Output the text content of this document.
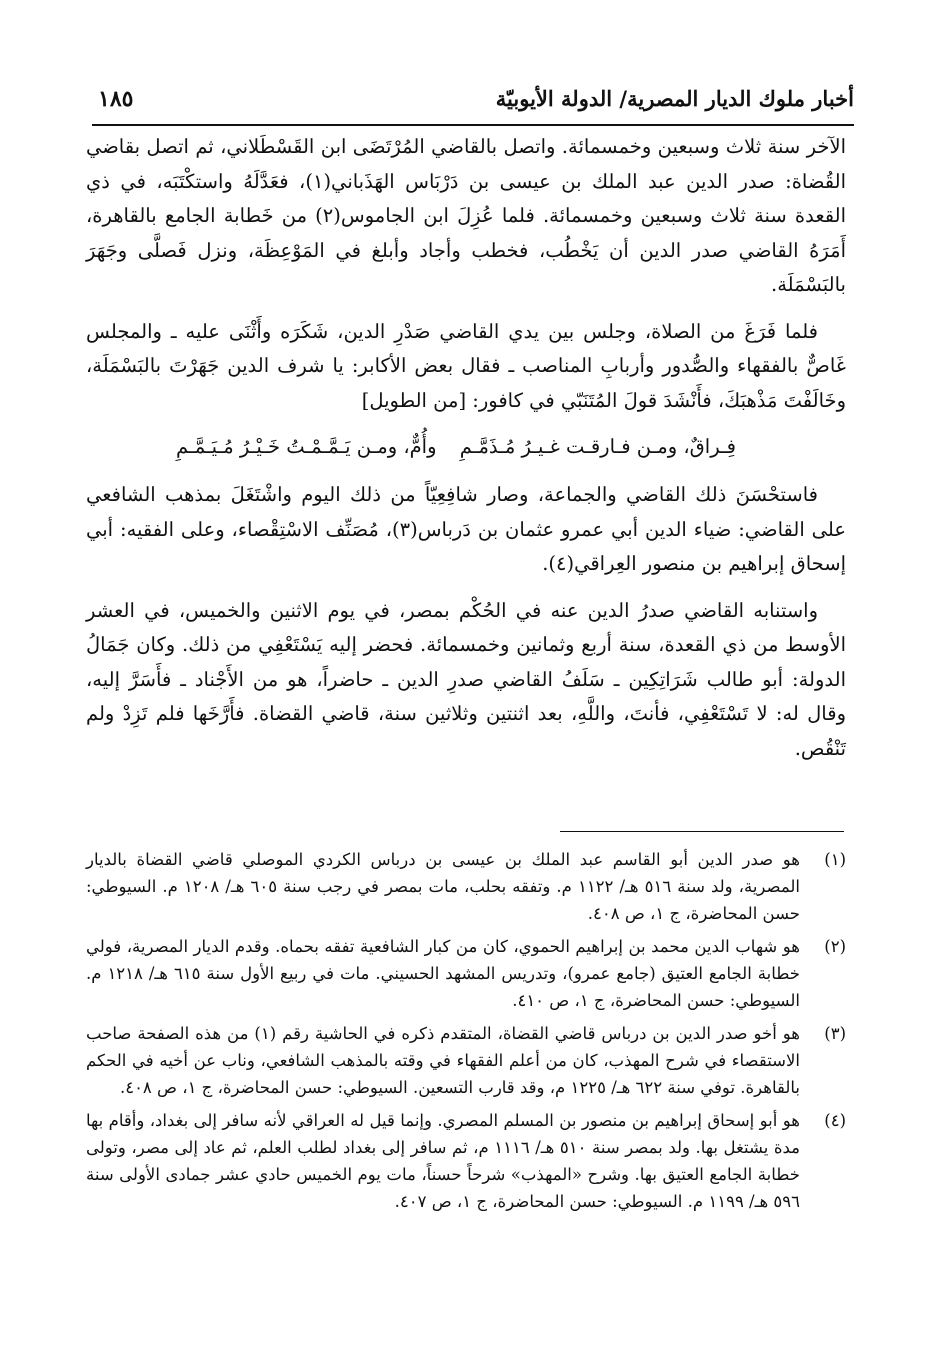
أخبار ملوك الديار المصرية/ الدولة الأيوبيّة
١٨٥

الآخر سنة ثلاث وسبعين وخمسمائة. واتصل بالقاضي المُرْتَضَى ابن القَسْطَلاني، ثم اتصل بقاضي القُضاة: صدر الدين عبد الملك بن عيسى بن دَرْبَاس الهَذَباني(١)، فعَدَّلَهُ واستكْتَبَه، في ذي القعدة سنة ثلاث وسبعين وخمسمائة. فلما عُزِلَ ابن الجاموس(٢) من خَطابة الجامع بالقاهرة، أَمَرَهُ القاضي صدر الدين أن يَخْطُب، فخطب وأجاد وأبلغ في المَوْعِظَة، ونزل فَصلَّى وجَهَرَ بالبَسْمَلَة.

فلما فَرَغَ من الصلاة، وجلس بين يدي القاضي صَدْرِ الدين، شَكَرَه وأَثْنَى عليه ـ والمجلس غَاصٌّ بالفقهاء والصُّدور وأربابِ المناصب ـ فقال بعض الأكابر: يا شرف الدين جَهَرْتَ بالبَسْمَلَة، وخَالَفْتَ مَذْهبَكَ، فأَنْشَدَ قولَ المُتَنَبّي في كافور: [من الطويل]

فِـراقٌ، ومـن فـارقـت غـيـرُ مُـذَمَّـمِ
وأُمٌّ، ومـن يَـمَّـمْـتُ خَـيْـرُ مُـيَـمَّـمِ

فاستحْسَنَ ذلك القاضي والجماعة، وصار شافِعِيّاً من ذلك اليوم واشْتَغَلَ بمذهب الشافعي على القاضي: ضياء الدين أبي عمرو عثمان بن دَرباس(٣)، مُصَنِّف الاسْتِقْصاء، وعلى الفقيه: أبي إسحاق إبراهيم بن منصور العِراقي(٤).

واستنابه القاضي صدرُ الدين عنه في الحُكْم بمصر، في يوم الاثنين والخميس، في العشر الأوسط من ذي القعدة، سنة أربع وثمانين وخمسمائة. فحضر إليه يَسْتَعْفِي من ذلك. وكان جَمَالُ الدولة: أبو طالب شَرَاتِكِين ـ سَلَفُ القاضي صدرِ الدين ـ حاضراً، هو من الأَجْناد ـ فأَسَرَّ إليه، وقال له: لا تَسْتَعْفِي، فأنتَ، واللَّهِ، بعد اثنتين وثلاثين سنة، قاضي القضاة. فأَرَّخَها فلم تَزِدْ ولم تَنْقُص.

(١)
هو صدر الدين أبو القاسم عبد الملك بن عيسى بن درباس الكردي الموصلي قاضي القضاة بالديار المصرية، ولد سنة ٥١٦ هـ/ ١١٢٢ م. وتفقه بحلب، مات بمصر في رجب سنة ٦٠٥ هـ/ ١٢٠٨ م. السيوطي: حسن المحاضرة، ج ١، ص ٤٠٨.
(٢)
هو شهاب الدين محمد بن إبراهيم الحموي، كان من كبار الشافعية تفقه بحماه. وقدم الديار المصرية، فولي خطابة الجامع العتيق (جامع عمرو)، وتدريس المشهد الحسيني. مات في ربيع الأول سنة ٦١٥ هـ/ ١٢١٨ م. السيوطي: حسن المحاضرة، ج ١، ص ٤١٠.
(٣)
هو أخو صدر الدين بن درباس قاضي القضاة، المتقدم ذكره في الحاشية رقم (١) من هذه الصفحة صاحب الاستقصاء في شرح المهذب، كان من أعلم الفقهاء في وقته بالمذهب الشافعي، وناب عن أخيه في الحكم بالقاهرة. توفي سنة ٦٢٢ هـ/ ١٢٢٥ م، وقد قارب التسعين. السيوطي: حسن المحاضرة، ج ١، ص ٤٠٨.
(٤)
هو أبو إسحاق إبراهيم بن منصور بن المسلم المصري. وإنما قيل له العراقي لأنه سافر إلى بغداد، وأقام بها مدة يشتغل بها. ولد بمصر سنة ٥١٠ هـ/ ١١١٦ م، ثم سافر إلى بغداد لطلب العلم، ثم عاد إلى مصر، وتولى خطابة الجامع العتيق بها. وشرح «المهذب» شرحاً حسناً، مات يوم الخميس حادي عشر جمادى الأولى سنة ٥٩٦ هـ/ ١١٩٩ م. السيوطي: حسن المحاضرة، ج ١، ص ٤٠٧.
